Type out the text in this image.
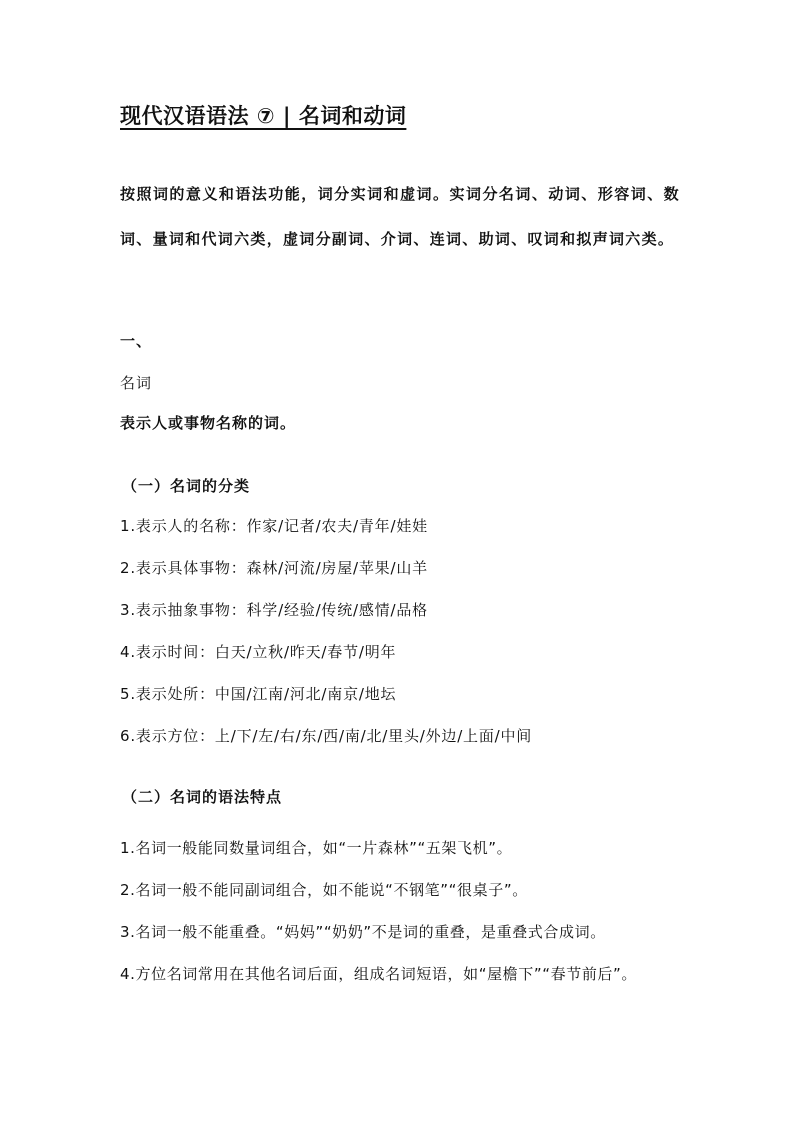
现代汉语语法 ⑦ | 名词和动词
按照词的意义和语法功能，词分实词和虚词。实词分名词、动词、形容词、数词、量词和代词六类，虚词分副词、介词、连词、助词、叹词和拟声词六类。
一、
名词
表示人或事物名称的词。
（一）名词的分类
1.表示人的名称：作家/记者/农夫/青年/娃娃
2.表示具体事物：森林/河流/房屋/苹果/山羊
3.表示抽象事物：科学/经验/传统/感情/品格
4.表示时间：白天/立秋/昨天/春节/明年
5.表示处所：中国/江南/河北/南京/地坛
6.表示方位：上/下/左/右/东/西/南/北/里头/外边/上面/中间
（二）名词的语法特点
1.名词一般能同数量词组合，如“一片森林”“五架飞机”。
2.名词一般不能同副词组合，如不能说“不钢笔”“很桌子”。
3.名词一般不能重叠。“妈妈”“奶奶”不是词的重叠，是重叠式合成词。
4.方位名词常用在其他名词后面，组成名词短语，如“屋檐下”“春节前后”。
